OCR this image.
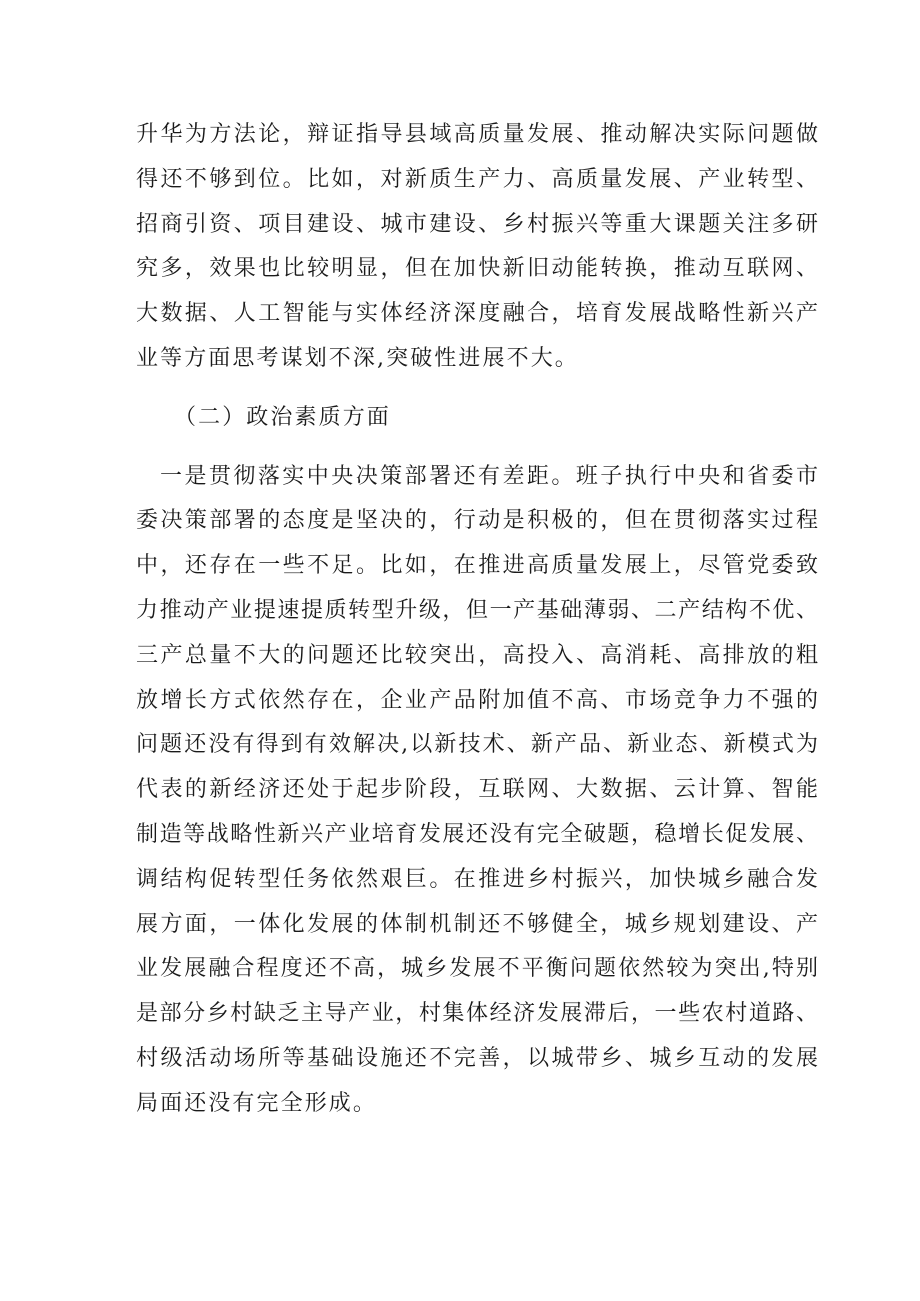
升华为方法论，辩证指导县域高质量发展、推动解决实际问题做
得还不够到位。比如，对新质生产力、高质量发展、产业转型、
招商引资、项目建设、城市建设、乡村振兴等重大课题关注多研
究多，效果也比较明显，但在加快新旧动能转换，推动互联网、
大数据、人工智能与实体经济深度融合，培育发展战略性新兴产
业等方面思考谋划不深,突破性进展不大。
（二）政治素质方面
一是贯彻落实中央决策部署还有差距。班子执行中央和省委市
委决策部署的态度是坚决的，行动是积极的，但在贯彻落实过程
中，还存在一些不足。比如，在推进高质量发展上，尽管党委致
力推动产业提速提质转型升级，但一产基础薄弱、二产结构不优、
三产总量不大的问题还比较突出，高投入、高消耗、高排放的粗
放增长方式依然存在，企业产品附加值不高、市场竞争力不强的
问题还没有得到有效解决,以新技术、新产品、新业态、新模式为
代表的新经济还处于起步阶段，互联网、大数据、云计算、智能
制造等战略性新兴产业培育发展还没有完全破题，稳增长促发展、
调结构促转型任务依然艰巨。在推进乡村振兴，加快城乡融合发
展方面，一体化发展的体制机制还不够健全，城乡规划建设、产
业发展融合程度还不高，城乡发展不平衡问题依然较为突出,特别
是部分乡村缺乏主导产业，村集体经济发展滞后，一些农村道路、
村级活动场所等基础设施还不完善，以城带乡、城乡互动的发展
局面还没有完全形成。
